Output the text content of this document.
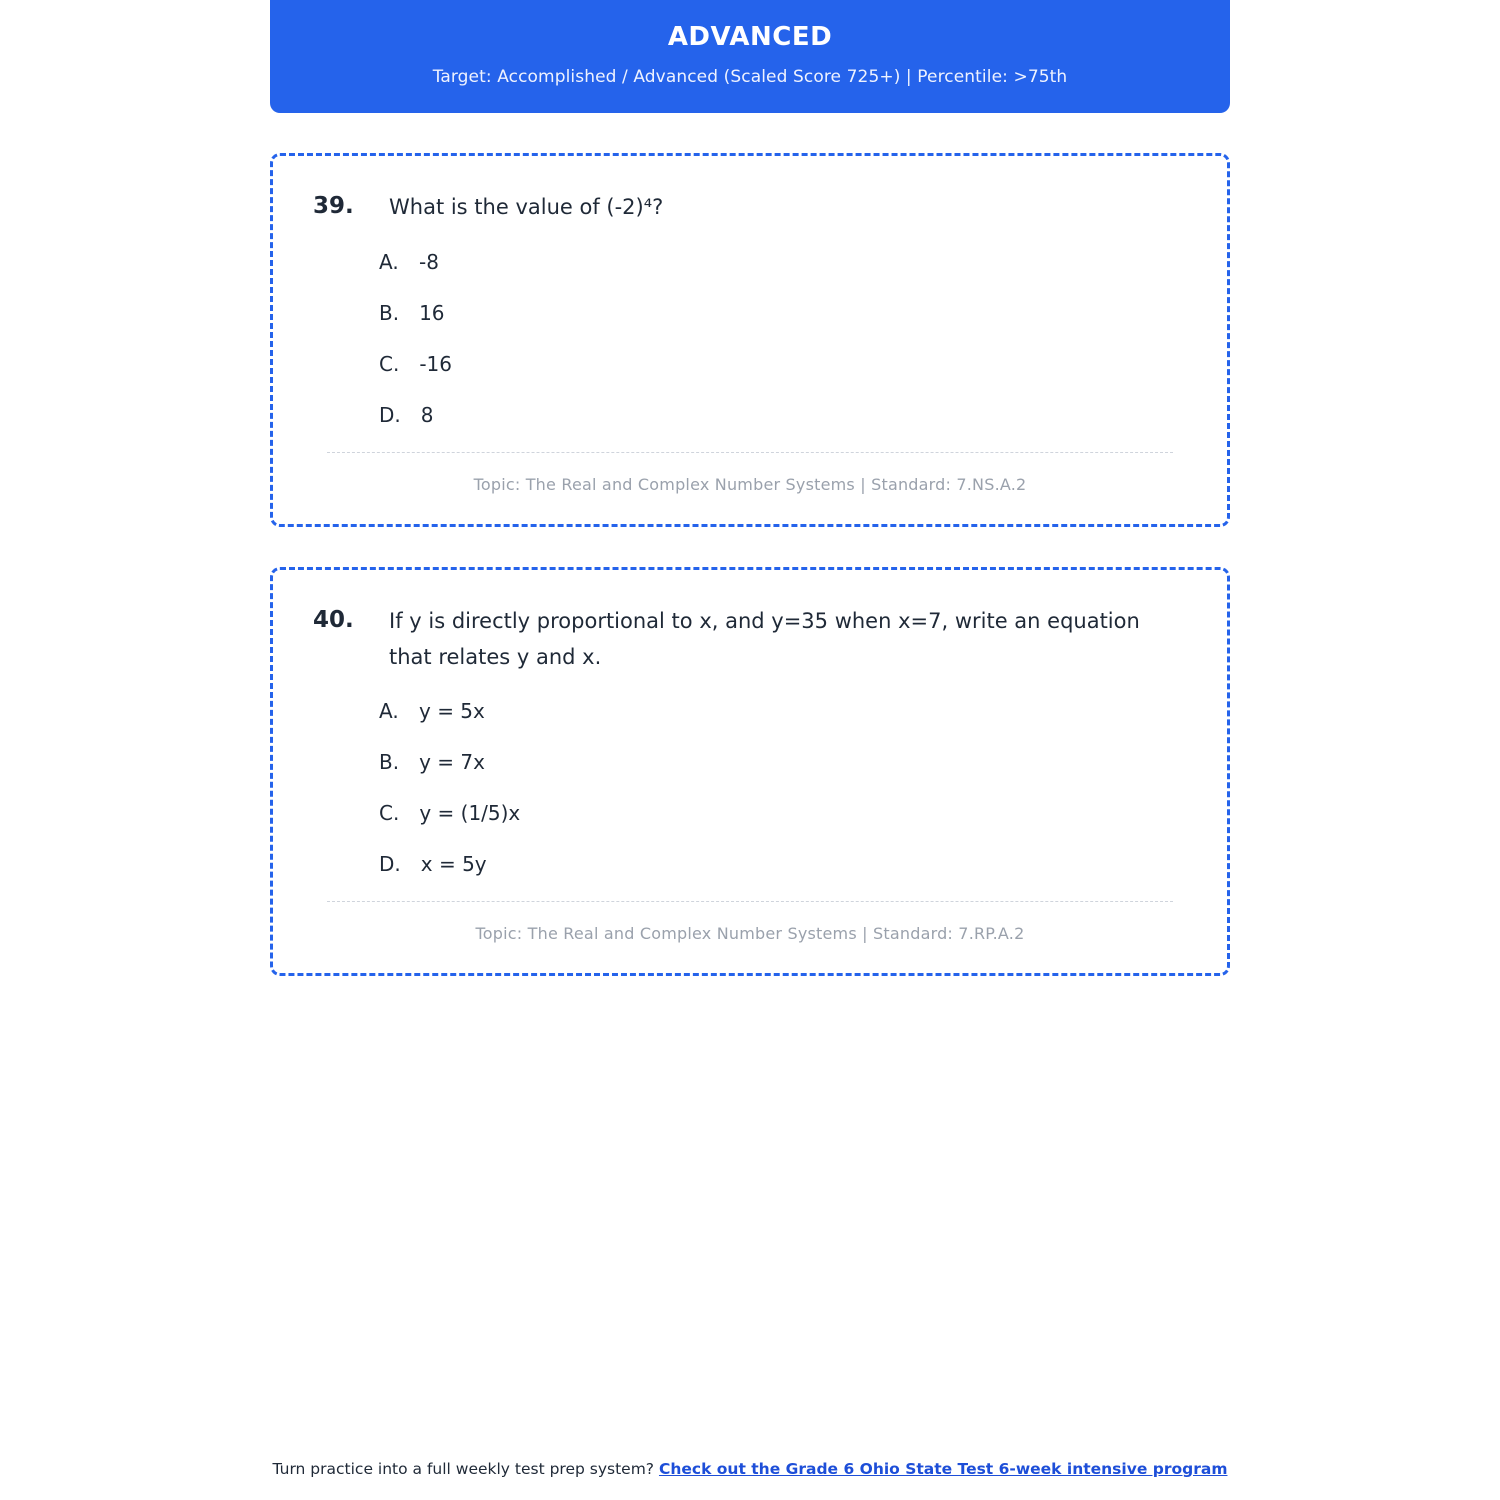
ADVANCED
Target: Accomplished / Advanced (Scaled Score 725+) | Percentile: >75th
39.	What is the value of (-2)⁴?
A. -8
B. 16
C. -16
D. 8
Topic: The Real and Complex Number Systems | Standard: 7.NS.A.2
40.	If y is directly proportional to x, and y=35 when x=7, write an equation that relates y and x.
A. y = 5x
B. y = 7x
C. y = (1/5)x
D. x = 5y
Topic: The Real and Complex Number Systems | Standard: 7.RP.A.2
Turn practice into a full weekly test prep system? Check out the Grade 6 Ohio State Test 6-week intensive program
